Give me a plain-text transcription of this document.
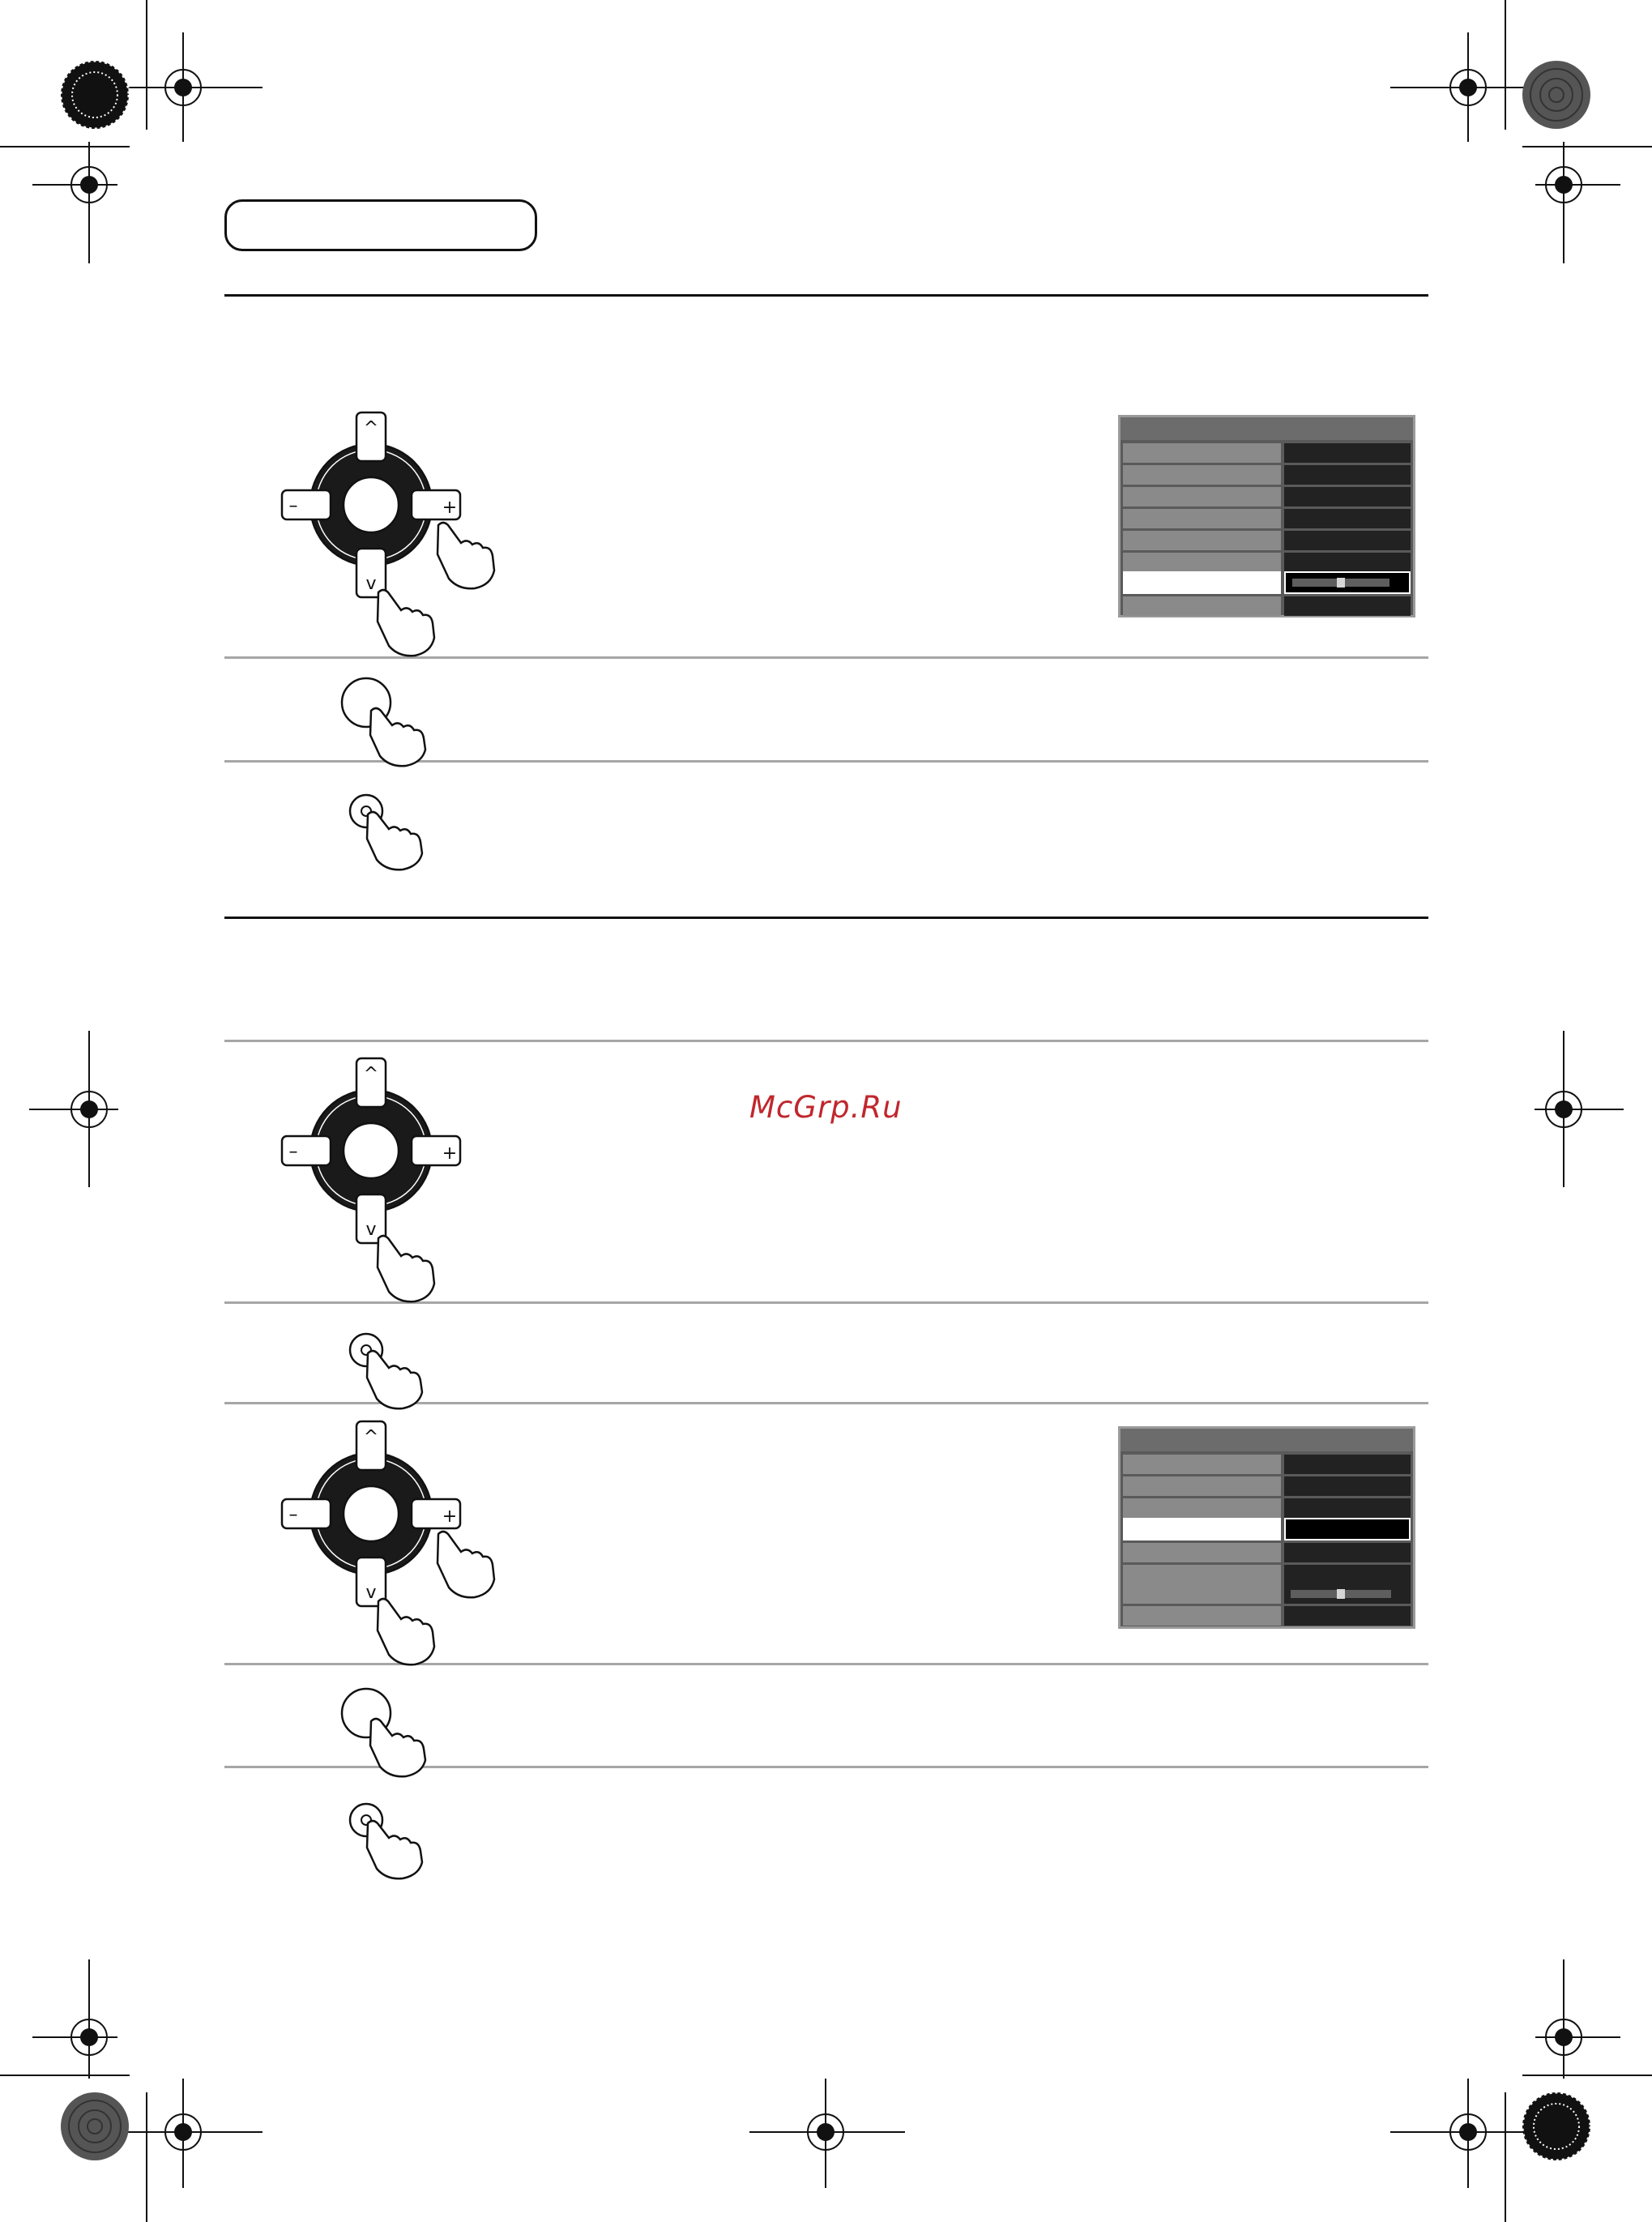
^
v
–	+
^
v
–	+
^
v
–	+
McGrp.Ru
